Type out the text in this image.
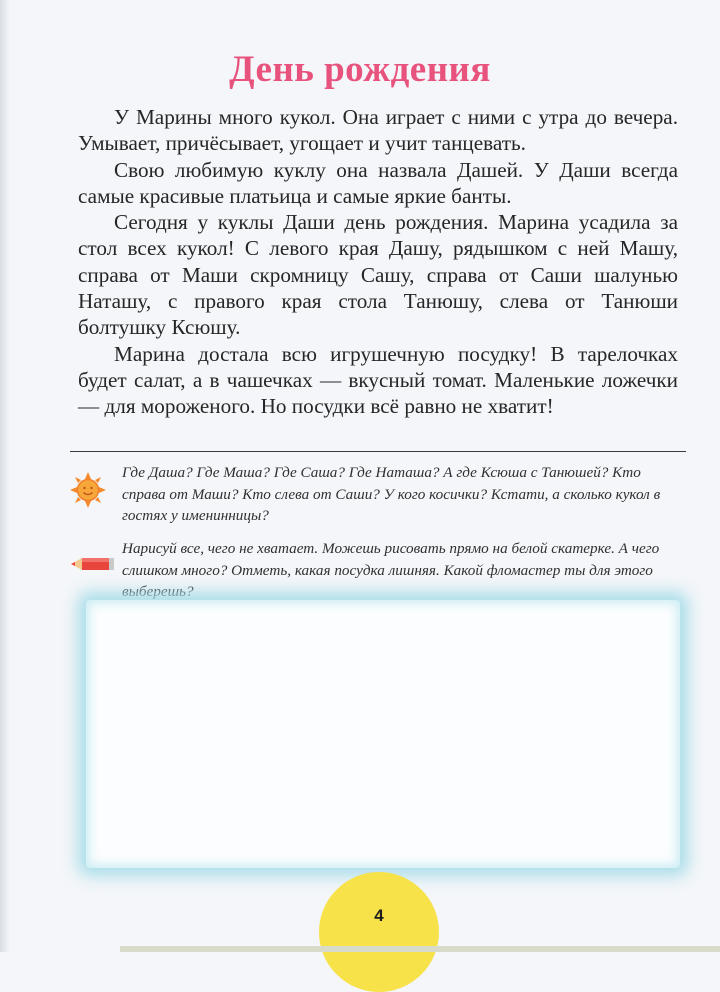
День рождения

У Марины много кукол. Она играет с ними с утра до вечера. Умывает, причёсывает, угощает и учит танцевать.

Свою любимую куклу она назвала Дашей. У Даши всегда самые красивые платьица и самые яркие банты.

Сегодня у куклы Даши день рождения. Марина усадила за стол всех кукол! С левого края Дашу, рядышком с ней Машу, справа от Маши скромницу Сашу, справа от Саши шалунью Наташу, с правого края стола Танюшу, слева от Танюши болтушку Ксюшу.

Марина достала всю игрушечную посудку! В тарелочках будет салат, а в чашечках — вкусный томат. Маленькие ложечки — для мороженого. Но посудки всё равно не хватит!

Где Даша? Где Маша? Где Саша? Где Наташа? А где Ксюша с Танюшей? Кто справа от Маши? Кто слева от Саши? У кого косички? Кстати, а сколько кукол в гостях у именинницы?
Нарисуй все, чего не хватает. Можешь рисовать прямо на белой скатерке. А чего слишком много? Отметь, какая посудка лишняя. Какой фломастер ты для этого выберешь?
4
